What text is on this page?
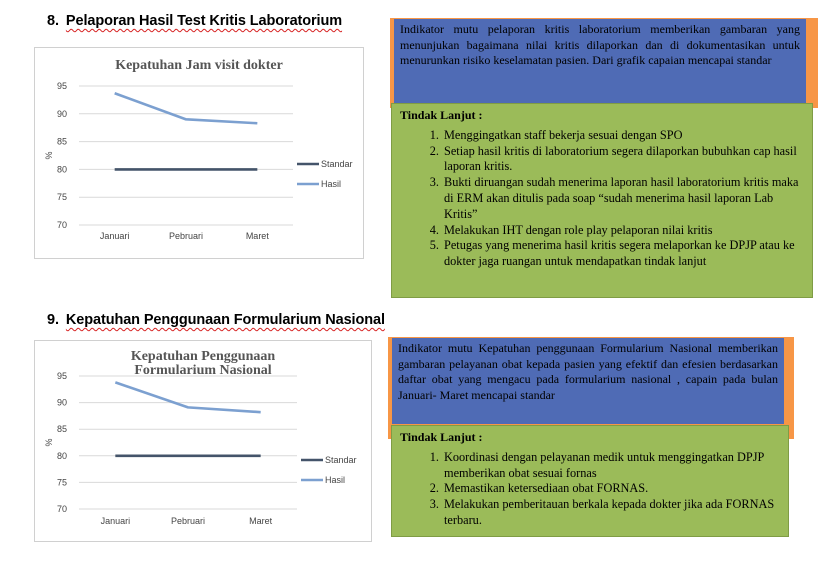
8. Pelaporan Hasil Test Kritis Laboratorium
70
75
80
85
90
95
%
Januari	Pebruari	Maret
Standar
Hasil
Kepatuhan Jam visit dokter
Indikator mutu pelaporan kritis laboratorium memberikan gambaran yang menunjukan bagaimana nilai kritis dilaporkan dan di dokumentasikan untuk menurunkan risiko keselamatan pasien. Dari grafik capaian mencapai standar
Tindak Lanjut :
1. Menggingatkan staff bekerja sesuai dengan SPO
2. Setiap hasil kritis di laboratorium segera dilaporkan bubuhkan cap hasil laporan kritis.
3. Bukti diruangan sudah menerima laporan hasil laboratorium kritis maka di ERM akan ditulis pada soap “sudah menerima hasil laporan Lab Kritis”
4. Melakukan IHT dengan role play pelaporan nilai kritis
5. Petugas yang menerima hasil kritis segera melaporkan ke DPJP atau ke dokter jaga ruangan untuk mendapatkan tindak lanjut
9. Kepatuhan Penggunaan Formularium Nasional
70
75
80
85
90
95
%
Januari	Pebruari	Maret
Standar
Hasil
Kepatuhan Penggunaan Formularium Nasional
Indikator mutu Kepatuhan penggunaan Formularium Nasional memberikan gambaran pelayanan obat kepada pasien yang efektif dan efesien berdasarkan daftar obat yang mengacu pada formularium nasional , capain pada bulan Januari- Maret mencapai standar
Tindak Lanjut :
1. Koordinasi dengan pelayanan medik untuk menggingatkan DPJP memberikan obat sesuai fornas
2. Memastikan ketersediaan obat FORNAS.
3. Melakukan pemberitauan berkala kepada dokter jika ada FORNAS terbaru.
